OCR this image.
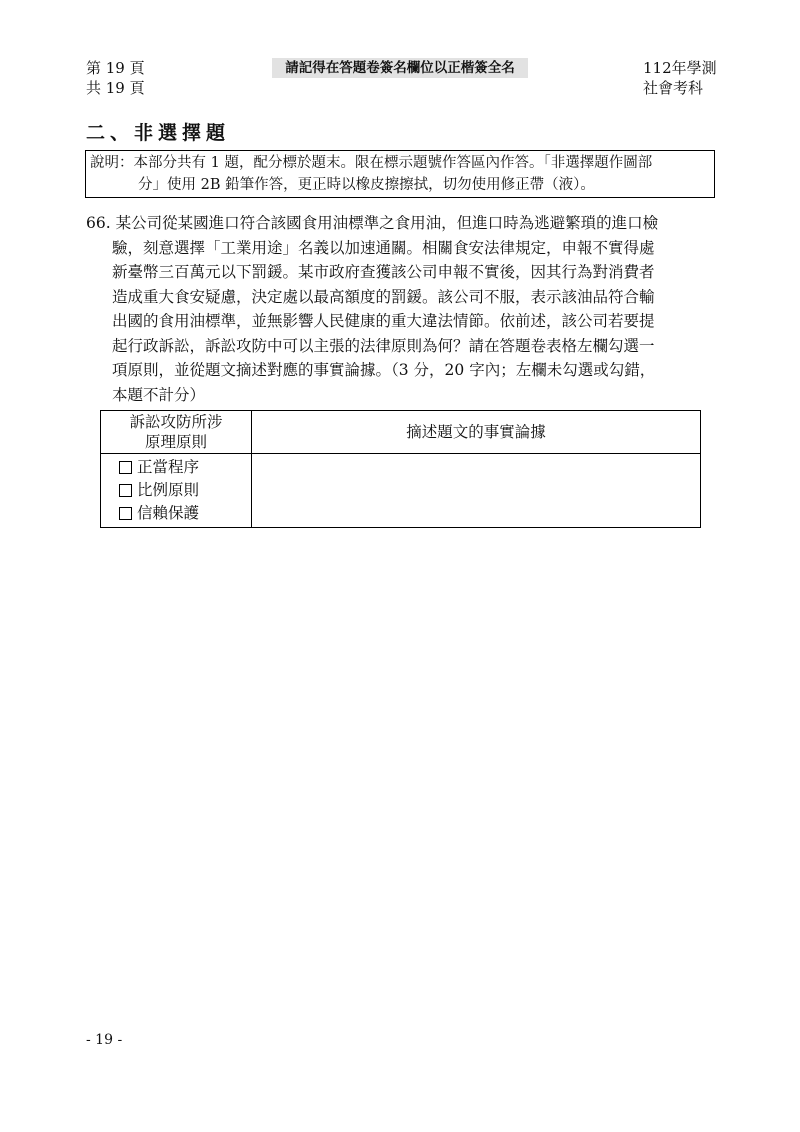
第 19 頁
共 19 頁
請記得在答題卷簽名欄位以正楷簽全名	112年學測
社會考科
二、非選擇題
說明：本部分共有 1 題，配分標於題末。限在標示題號作答區內作答。「非選擇題作圖部
分」使用 2B 鉛筆作答，更正時以橡皮擦擦拭，切勿使用修正帶（液）。
66. 某公司從某國進口符合該國食用油標準之食用油，但進口時為逃避繁瑣的進口檢
驗，刻意選擇「工業用途」名義以加速通關。相關食安法律規定，申報不實得處
新臺幣三百萬元以下罰鍰。某市政府查獲該公司申報不實後，因其行為對消費者
造成重大食安疑慮，決定處以最高額度的罰鍰。該公司不服，表示該油品符合輸
出國的食用油標準，並無影響人民健康的重大違法情節。依前述，該公司若要提
起行政訴訟，訴訟攻防中可以主張的法律原則為何？請在答題卷表格左欄勾選一
項原則，並從題文摘述對應的事實論據。（3 分，20 字內；左欄未勾選或勾錯，
本題不計分）
訴訟攻防所涉
原理原則	摘述題文的事實論據

正當程序
比例原則
信賴保護	

- 19 -
